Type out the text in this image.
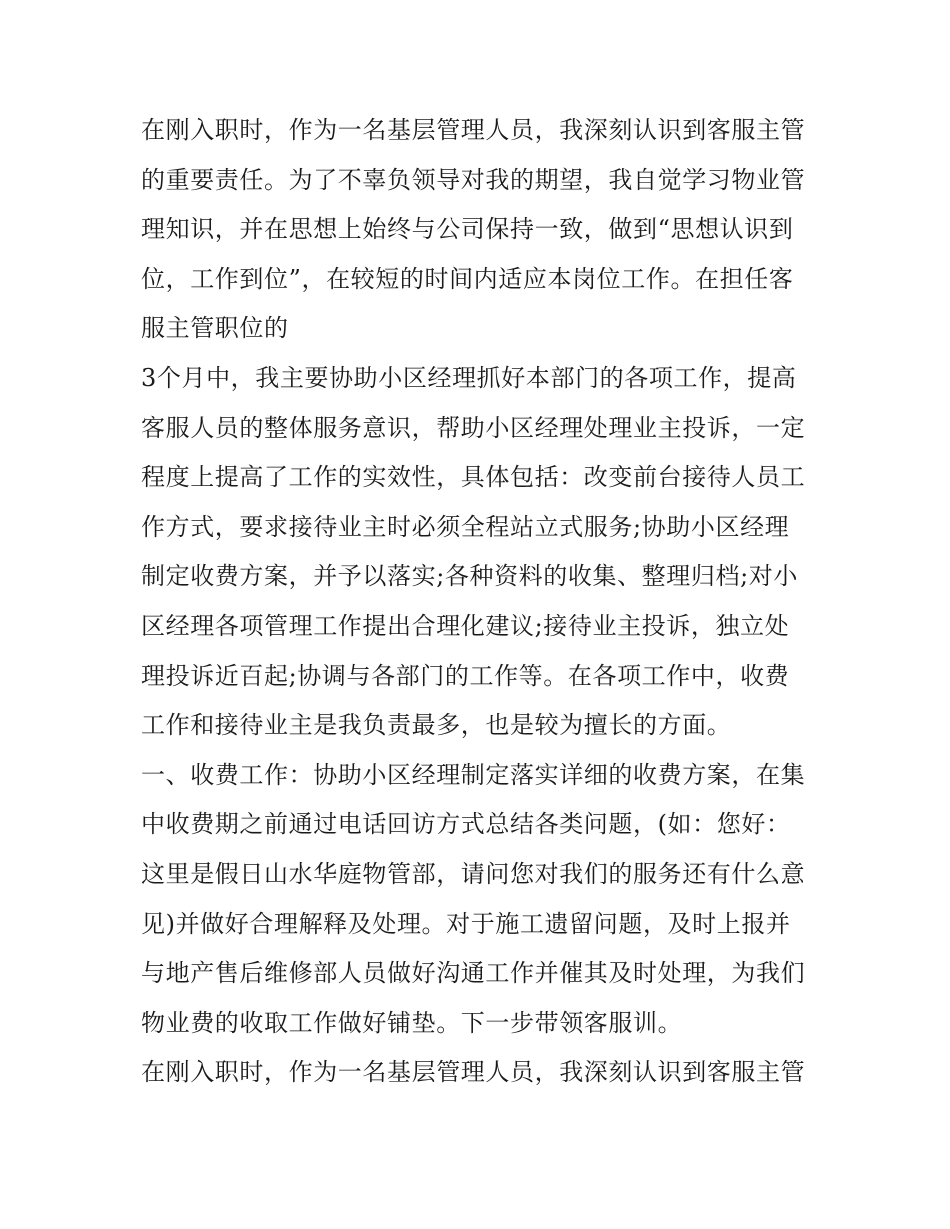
在刚入职时，作为一名基层管理人员，我深刻认识到客服主管
的重要责任。为了不辜负领导对我的期望，我自觉学习物业管
理知识，并在思想上始终与公司保持一致，做到“思想认识到
位，工作到位”，在较短的时间内适应本岗位工作。在担任客
服主管职位的
3个月中，我主要协助小区经理抓好本部门的各项工作，提高
客服人员的整体服务意识，帮助小区经理处理业主投诉，一定
程度上提高了工作的实效性，具体包括：改变前台接待人员工
作方式，要求接待业主时必须全程站立式服务;协助小区经理
制定收费方案，并予以落实;各种资料的收集、整理归档;对小
区经理各项管理工作提出合理化建议;接待业主投诉，独立处
理投诉近百起;协调与各部门的工作等。在各项工作中，收费
工作和接待业主是我负责最多，也是较为擅长的方面。
一、收费工作：协助小区经理制定落实详细的收费方案，在集
中收费期之前通过电话回访方式总结各类问题，(如：您好：
这里是假日山水华庭物管部，请问您对我们的服务还有什么意
见)并做好合理解释及处理。对于施工遗留问题，及时上报并
与地产售后维修部人员做好沟通工作并催其及时处理，为我们
物业费的收取工作做好铺垫。下一步带领客服训。
在刚入职时，作为一名基层管理人员，我深刻认识到客服主管
